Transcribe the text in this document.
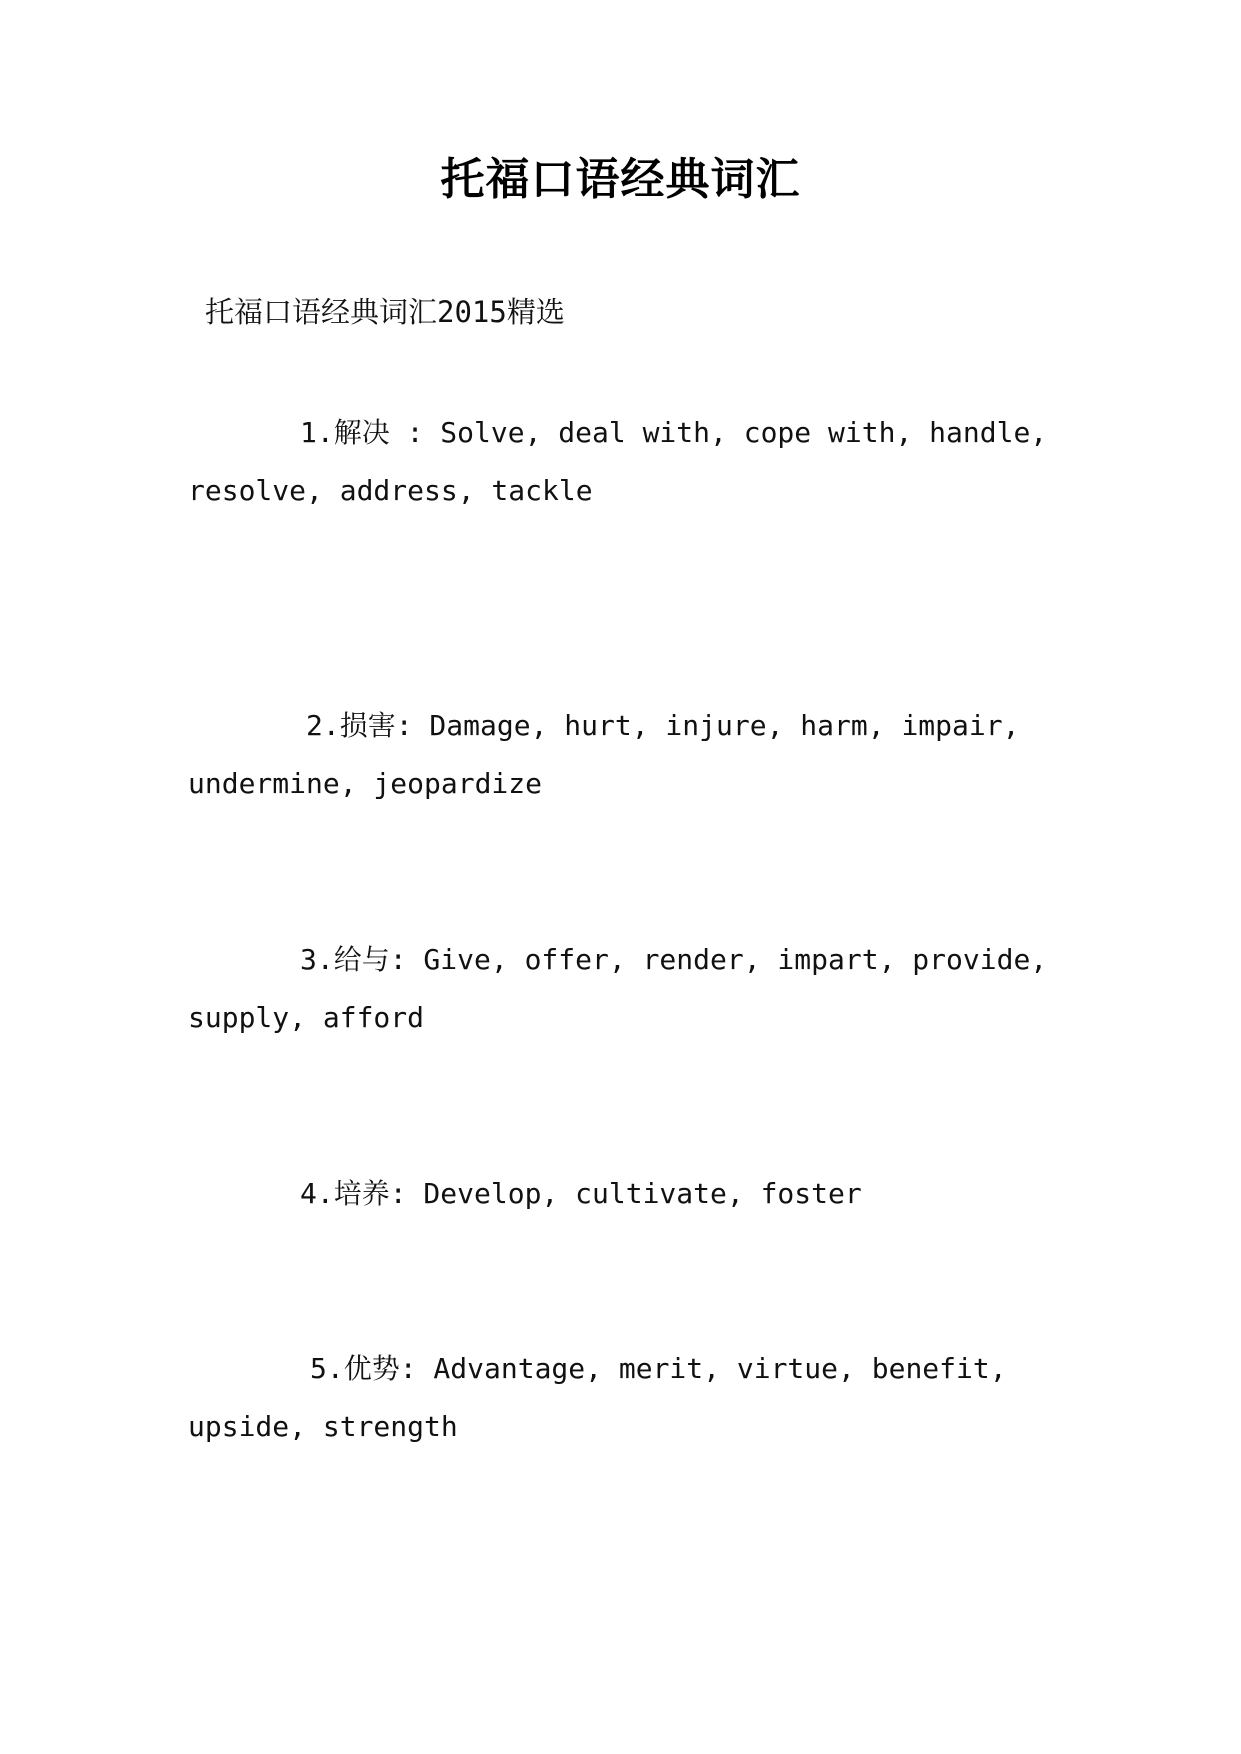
托福口语经典词汇
托福口语经典词汇2015精选
1.解决 : Solve, deal with, cope with, handle,
resolve, address, tackle
2.损害: Damage, hurt, injure, harm, impair,
undermine, jeopardize
3.给与: Give, offer, render, impart, provide,
supply, afford
4.培养: Develop, cultivate, foster
5.优势: Advantage, merit, virtue, benefit,
upside, strength
